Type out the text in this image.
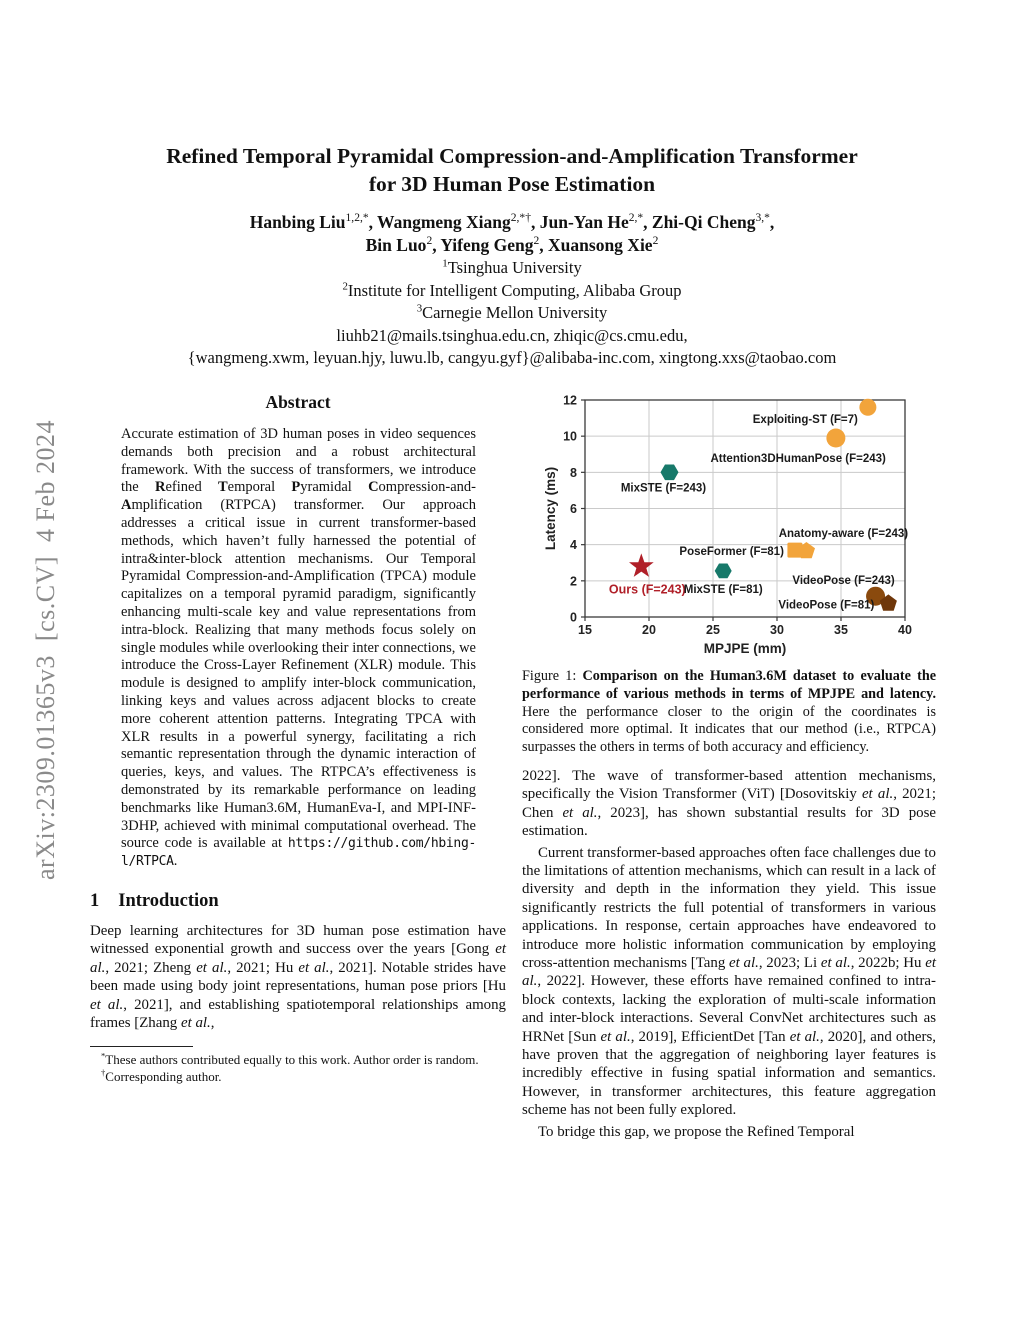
arXiv:2309.01365v3  [cs.CV]  4 Feb 2024
Refined Temporal Pyramidal Compression-and-Amplification Transformer
for 3D Human Pose Estimation
Hanbing Liu$^{1,2,*}$, Wangmeng Xiang$^{2,*\dagger}$, Jun-Yan $He^{2,*}$, Zhi-Qi Cheng$^{3,*}$,
Bin Luo$^2$, Yifeng Geng$^2$, Xuansong Xie$^2$
$^1$Tsinghua University
$^2$Institute for Intelligent Computing, Alibaba Group
$^3$Carnegie Mellon University
liuhb21@mails.tsinghua.edu.cn, zhiqic@cs.cmu.edu,
{wangmeng.xwm, leyuan.hjy, luwu.lb, cangyu.gyf}@alibaba-inc.com, xingtong.xxs@taobao.com
Abstract

Accurate estimation of 3D human poses in video sequences demands both precision and a robust architectural framework. With the success of transformers, we introduce the Refined Temporal Pyramidal Compression-and-Amplification (RTPCA) transformer. Our approach addresses a critical issue in current transformer-based methods, which haven’t fully harnessed the potential of intra&inter-block attention mechanisms. Our Temporal Pyramidal Compression-and-Amplification (TPCA) module capitalizes on a temporal pyramid paradigm, significantly enhancing multi-scale key and value representations from intra-block. Realizing that many methods focus solely on single modules while overlooking their inter connections, we introduce the Cross-Layer Refinement (XLR) module. This module is designed to amplify inter-block communication, linking keys and values across adjacent blocks to create more coherent attention patterns. Integrating TPCA with XLR results in a powerful synergy, facilitating a rich semantic representation through the dynamic interaction of queries, keys, and values. The RTPCA’s effectiveness is demonstrated by its remarkable performance on leading benchmarks like Human3.6M, HumanEva-I, and MPI-INF-3DHP, achieved with minimal computational overhead. The source code is available at https://github.com/hbing-l/RTPCA.

1 Introduction

Deep learning architectures for 3D human pose estimation have witnessed exponential growth and success over the years [Gong et al., 2021; Zheng et al., 2021; Hu et al., 2021]. Notable strides have been made using body joint representations, human pose priors [Hu et al., 2021], and establishing spatiotemporal relationships among frames [Zhang et al.,

*These authors contributed equally to this work. Author order is random.

†Corresponding author.

15	20	25	30	35	40
0
2
4
6
8
10
12
MPJPE (mm)
Latency (ms)
Exploiting-ST (F=7)
Attention3DHumanPose (F=243)
MixSTE (F=243)
PoseFormer (F=81)
Anatomy-aware (F=243)
Ours (F=243)
MixSTE (F=81)
VideoPose (F=243)
VideoPose (F=81)
Figure 1: Comparison on the Human3.6M dataset to evaluate the performance of various methods in terms of MPJPE and latency. Here the performance closer to the origin of the coordinates is considered more optimal. It indicates that our method (i.e., RTPCA) surpasses the others in terms of both accuracy and efficiency.

2022]. The wave of transformer-based attention mechanisms, specifically the Vision Transformer (ViT) [Dosovitskiy et al., 2021; Chen et al., 2023], has shown substantial results for 3D pose estimation.

Current transformer-based approaches often face challenges due to the limitations of attention mechanisms, which can result in a lack of diversity and depth in the information they yield. This issue significantly restricts the full potential of transformers in various applications. In response, certain approaches have endeavored to introduce more holistic information communication by employing cross-attention mechanisms [Tang et al., 2023; Li et al., 2022b; Hu et al., 2022]. However, these efforts have remained confined to intra-block contexts, lacking the exploration of multi-scale information and inter-block interactions. Several ConvNet architectures such as HRNet [Sun et al., 2019], EfficientDet [Tan et al., 2020], and others, have proven that the aggregation of neighboring layer features is incredibly effective in fusing spatial information and semantics. However, in transformer architectures, this feature aggregation scheme has not been fully explored.

To bridge this gap, we propose the Refined Temporal
